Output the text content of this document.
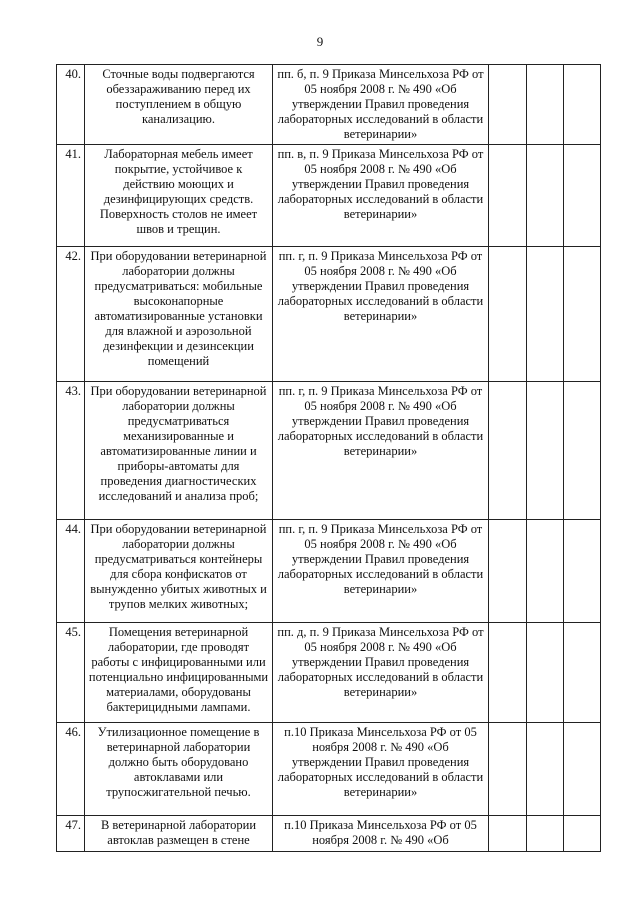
9
40.	Сточные воды подвергаются обеззараживанию перед их поступлением в общую канализацию.	пп. б, п. 9 Приказа Минсельхоза РФ от 05 ноября 2008 г. № 490 «Об утверждении Правил проведения лабораторных исследований в области ветеринарии»			
41.	Лабораторная мебель имеет покрытие, устойчивое к действию моющих и дезинфицирующих средств. Поверхность столов не имеет швов и трещин.	пп. в, п. 9 Приказа Минсельхоза РФ от 05 ноября 2008 г. № 490 «Об утверждении Правил проведения лабораторных исследований в области ветеринарии»			
42.	При оборудовании ветеринарной лаборатории должны предусматриваться: мобильные высоконапорные автоматизированные установки для влажной и аэрозольной дезинфекции и дезинсекции помещений	пп. г, п. 9 Приказа Минсельхоза РФ от 05 ноября 2008 г. № 490 «Об утверждении Правил проведения лабораторных исследований в области ветеринарии»			
43.	При оборудовании ветеринарной лаборатории должны предусматриваться механизированные и автоматизированные линии и приборы-автоматы для проведения диагностических исследований и анализа проб;	пп. г, п. 9 Приказа Минсельхоза РФ от 05 ноября 2008 г. № 490 «Об утверждении Правил проведения лабораторных исследований в области ветеринарии»			
44.	При оборудовании ветеринарной лаборатории должны предусматриваться контейнеры для сбора конфискатов от вынужденно убитых животных и трупов мелких животных;	пп. г, п. 9 Приказа Минсельхоза РФ от 05 ноября 2008 г. № 490 «Об утверждении Правил проведения лабораторных исследований в области ветеринарии»			
45.	Помещения ветеринарной лаборатории, где проводят работы с инфицированными или потенциально инфицированными материалами, оборудованы бактерицидными лампами.	пп. д, п. 9 Приказа Минсельхоза РФ от 05 ноября 2008 г. № 490 «Об утверждении Правил проведения лабораторных исследований в области ветеринарии»			
46.	Утилизационное помещение в ветеринарной лаборатории должно быть оборудовано автоклавами или трупосжигательной печью.	п.10 Приказа Минсельхоза РФ от 05 ноября 2008 г. № 490 «Об утверждении Правил проведения лабораторных исследований в области ветеринарии»			
47.	В ветеринарной лаборатории автоклав размещен в стене	п.10 Приказа Минсельхоза РФ от 05 ноября 2008 г. № 490 «Об			
